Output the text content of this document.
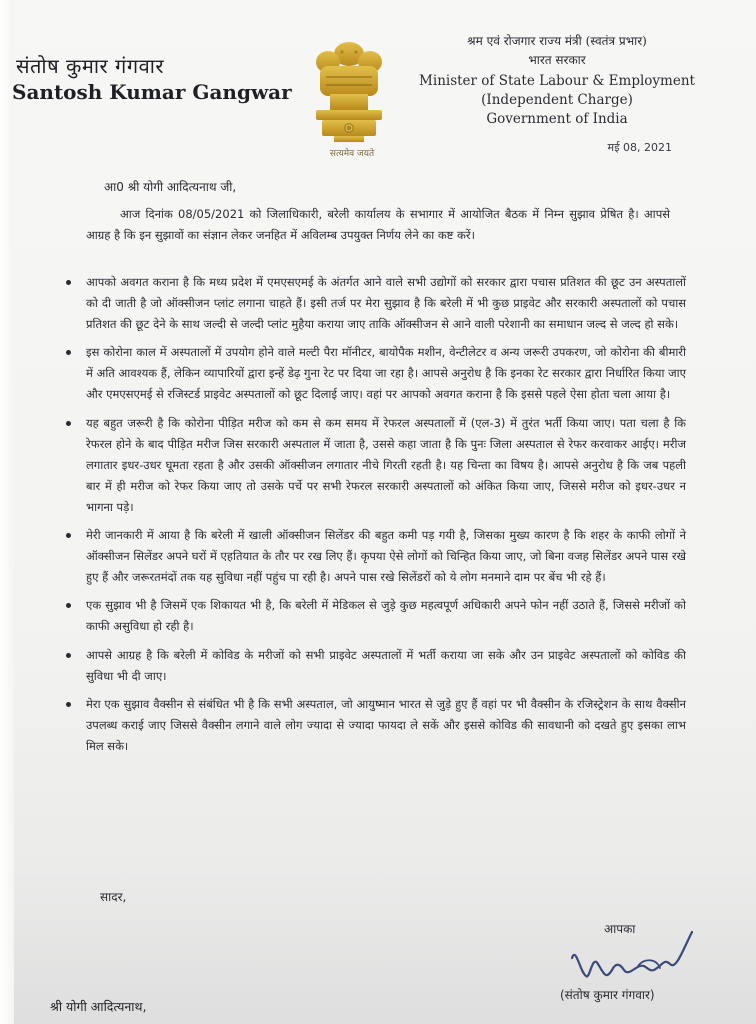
संतोष कुमार गंगवार
Santosh Kumar Gangwar
सत्यमेव जयते
श्रम एवं रोजगार राज्य मंत्री (स्वतंत्र प्रभार)
भारत सरकार
Minister of State Labour & Employment
(Independent Charge)
Government of India
मई 08, 2021
आ0 श्री योगी आदित्यनाथ जी,
आज दिनांक 08/05/2021 को जिलाधिकारी, बरेली कार्यालय के सभागार में आयोजित बैठक में निम्न सुझाव प्रेषित है। आपसे आग्रह है कि इन सुझावों का संज्ञान लेकर जनहित में अविलम्ब उपयुक्त निर्णय लेने का कष्ट करें।
आपको अवगत कराना है कि मध्य प्रदेश में एमएसएमई के अंतर्गत आने वाले सभी उद्योगों को सरकार द्वारा पचास प्रतिशत की छूट उन अस्पतालों को दी जाती है जो ऑक्सीजन प्लांट लगाना चाहते हैं। इसी तर्ज पर मेरा सुझाव है कि बरेली में भी कुछ प्राइवेट और सरकारी अस्पतालों को पचास प्रतिशत की छूट देने के साथ जल्दी से जल्दी प्लांट मुहैया कराया जाए ताकि ऑक्सीजन से आने वाली परेशानी का समाधान जल्द से जल्द हो सके।
इस कोरोना काल में अस्पतालों में उपयोग होने वाले मल्टी पैरा मॉनीटर, बायोपैक मशीन, वेन्टीलेटर व अन्य जरूरी उपकरण, जो कोरोना की बीमारी में अति आवश्यक हैं, लेकिन व्यापारियों द्वारा इन्हें डेढ़ गुना रेट पर दिया जा रहा है। आपसे अनुरोध है कि इनका रेट सरकार द्वारा निर्धारित किया जाए और एमएसएमई से रजिस्टर्ड प्राइवेट अस्पतालों को छूट दिलाई जाए। वहां पर आपको अवगत कराना है कि इससे पहले ऐसा होता चला आया है।
यह बहुत जरूरी है कि कोरोना पीड़ित मरीज को कम से कम समय में रेफरल अस्पतालों में (एल-3) में तुरंत भर्ती किया जाए। पता चला है कि रेफरल होने के बाद पीड़ित मरीज जिस सरकारी अस्पताल में जाता है, उससे कहा जाता है कि पुनः जिला अस्पताल से रेफर करवाकर आईए। मरीज लगातार इधर-उधर घूमता रहता है और उसकी ऑक्सीजन लगातार नीचे गिरती रहती है। यह चिन्ता का विषय है। आपसे अनुरोध है कि जब पहली बार में ही मरीज को रेफर किया जाए तो उसके पर्चे पर सभी रेफरल सरकारी अस्पतालों को अंकित किया जाए, जिससे मरीज को इधर-उधर न भागना पड़े।
मेरी जानकारी में आया है कि बरेली में खाली ऑक्सीजन सिलेंडर की बहुत कमी पड़ गयी है, जिसका मुख्य कारण है कि शहर के काफी लोगों ने ऑक्सीजन सिलेंडर अपने घरों में एहतियात के तौर पर रख लिए हैं। कृपया ऐसे लोगों को चिन्हित किया जाए, जो बिना वजह सिलेंडर अपने पास रखे हुए हैं और जरूरतमंदों तक यह सुविधा नहीं पहुंच पा रही है। अपने पास रखे सिलेंडरों को ये लोग मनमाने दाम पर बेंच भी रहे हैं।
एक सुझाव भी है जिसमें एक शिकायत भी है, कि बरेली में मेडिकल से जुड़े कुछ महत्वपूर्ण अधिकारी अपने फोन नहीं उठाते हैं, जिससे मरीजों को काफी असुविधा हो रही है।
आपसे आग्रह है कि बरेली में कोविड के मरीजों को सभी प्राइवेट अस्पतालों में भर्ती कराया जा सके और उन प्राइवेट अस्पतालों को कोविड की सुविधा भी दी जाए।
मेरा एक सुझाव वैक्सीन से संबंधित भी है कि सभी अस्पताल, जो आयुष्मान भारत से जुड़े हुए हैं वहां पर भी वैक्सीन के रजिस्ट्रेशन के साथ वैक्सीन उपलब्ध कराई जाए जिससे वैक्सीन लगाने वाले लोग ज्यादा से ज्यादा फायदा ले सकें और इससे कोविड की सावधानी को दखते हुए इसका लाभ मिल सके।
सादर,
आपका
(संतोष कुमार गंगवार)
श्री योगी आदित्यनाथ,
